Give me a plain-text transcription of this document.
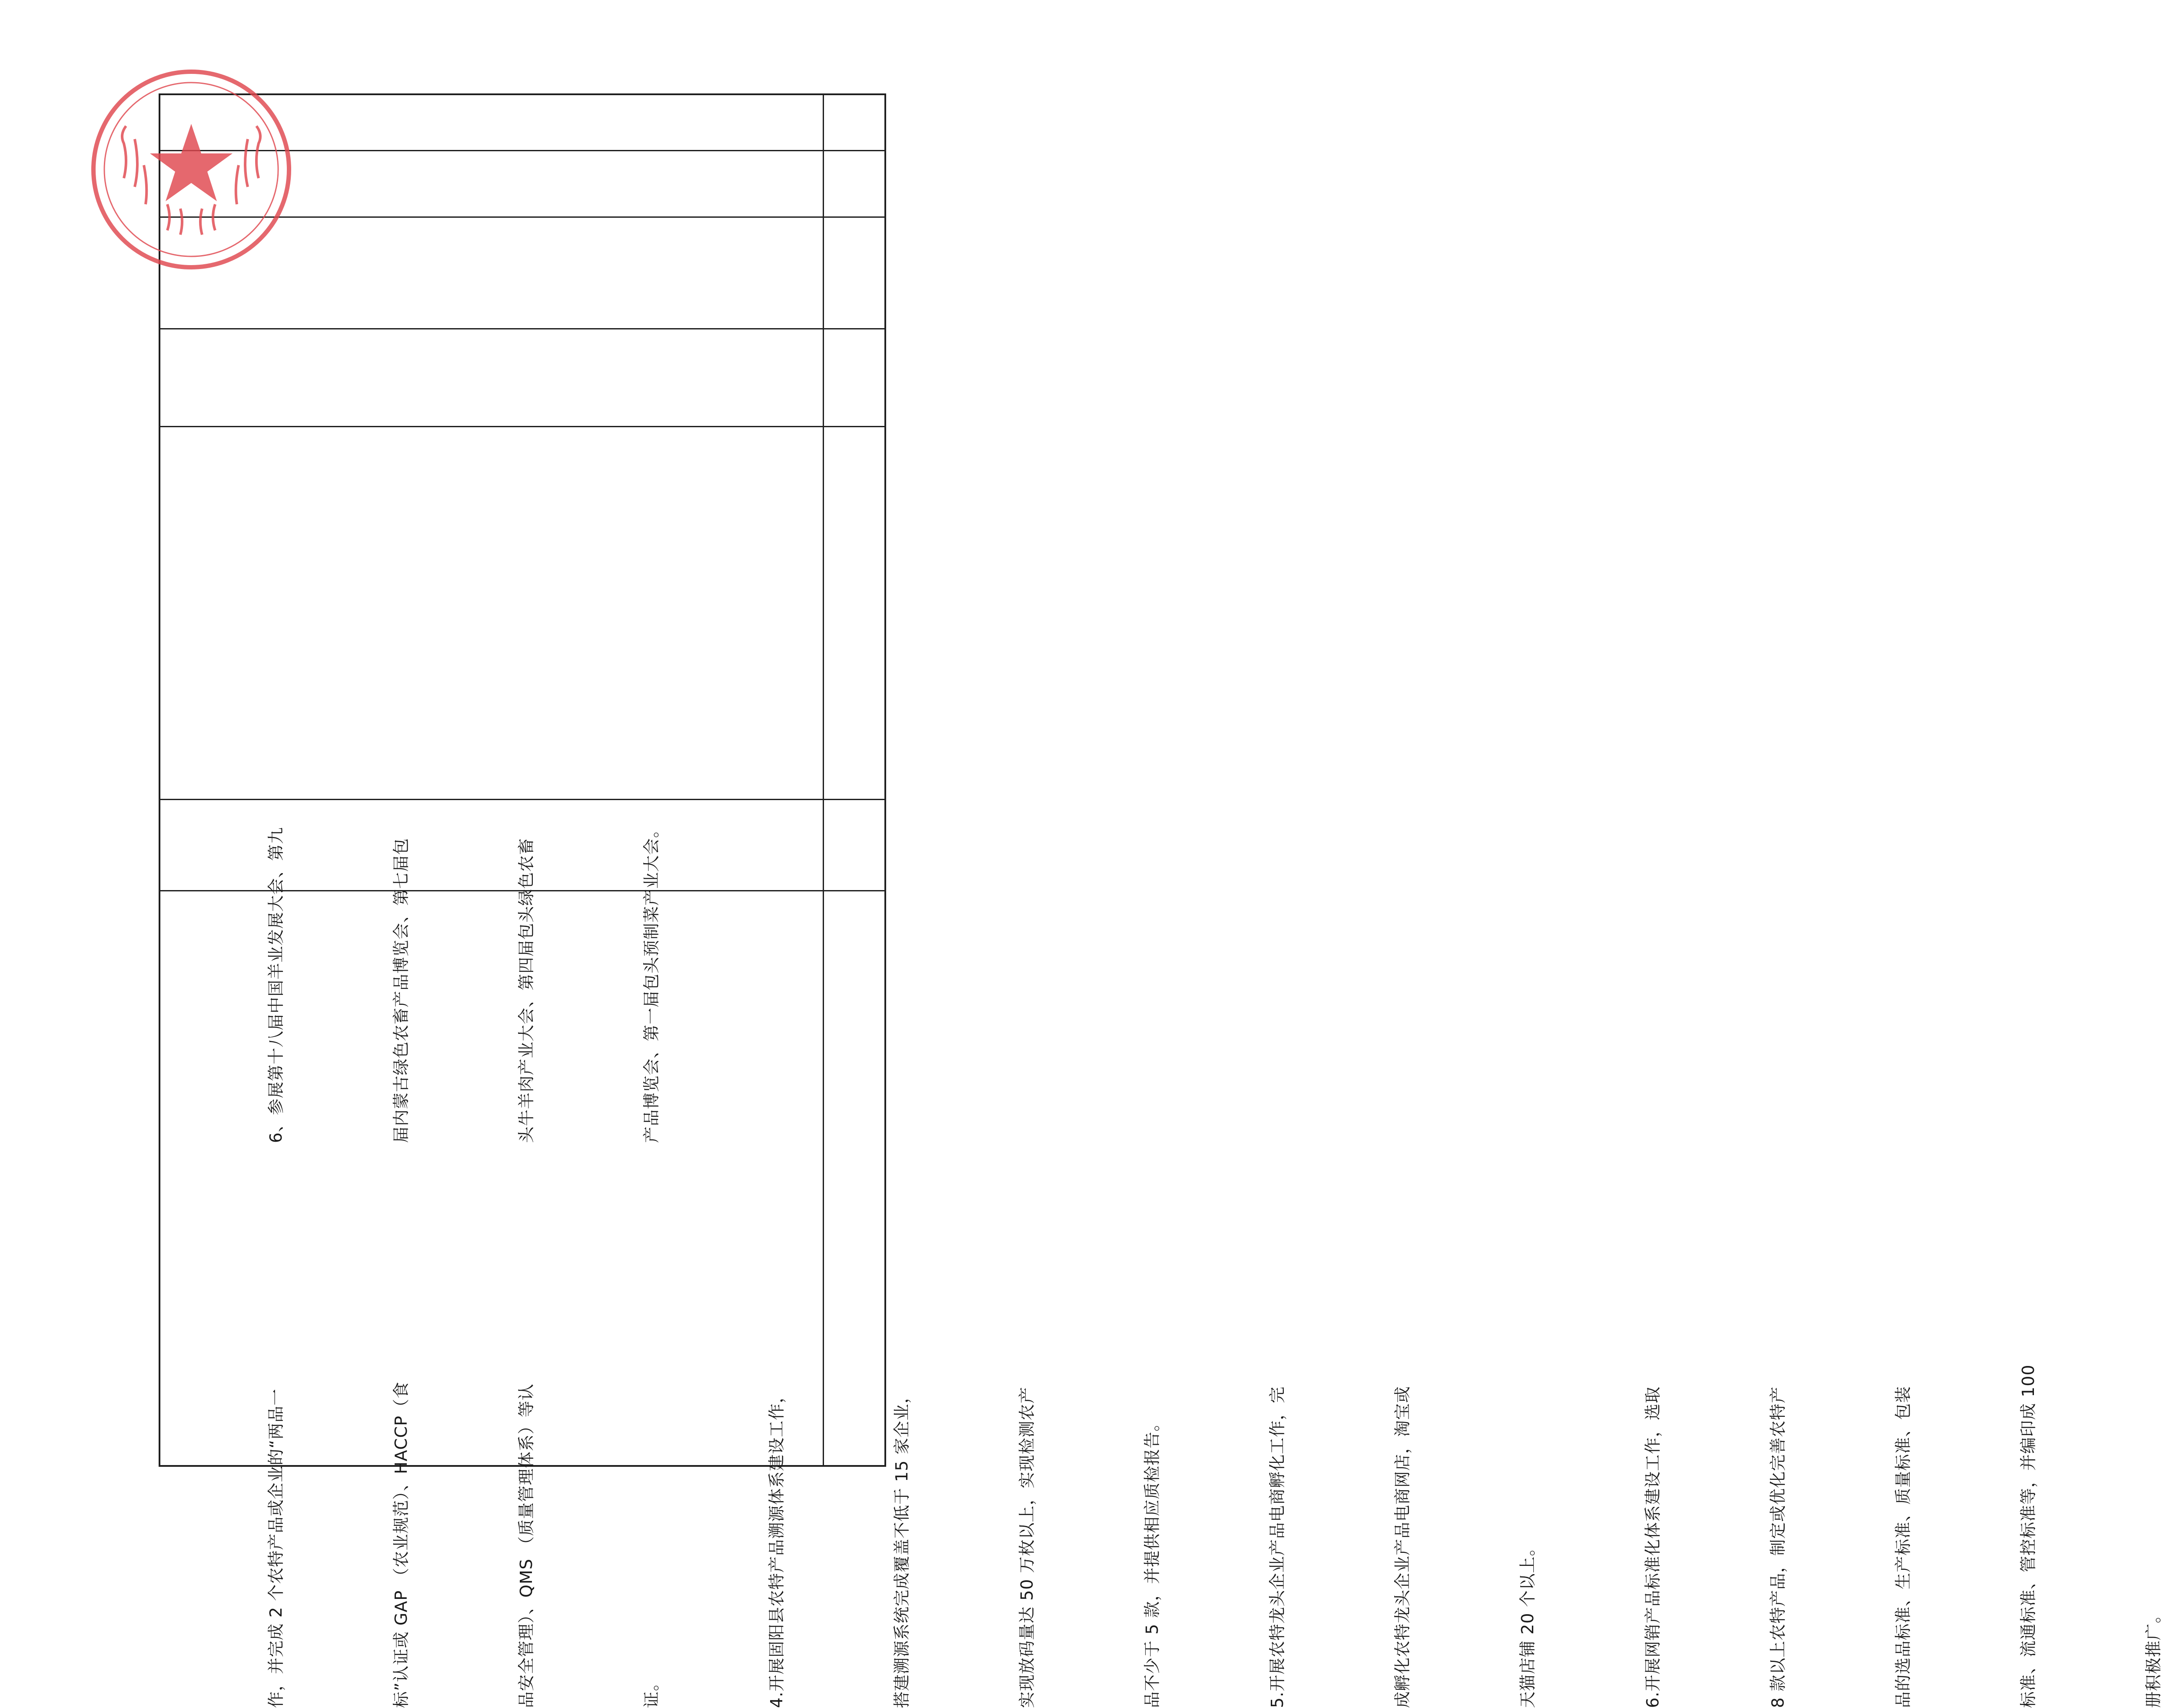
6、参展第十八届中国羊业发展大会、第九

	届内蒙古绿色农畜产品博览会、第七届包

	头牛羊肉产业大会、第四届包头绿色农畜

	产品博览会、第一届包头预制菜产业大会。

作，并完成 2 个农特产品或企业的“两品一

	标”认证或 GAP （农业规范）、HACCP（食

	品安全管理）、QMS （质量管理体系）等认

	证。

	4.开展固阳县农特产品溯源体系建设工作，

	搭建溯源系统完成覆盖不低于 15 家企业，

	实现放码量达 50 万枚以上，实现检测农产

	品不少于 5 款，并提供相应质检报告。

	5.开展农特龙头企业产品电商孵化工作，完

	成孵化农特龙头企业产品电商网店，淘宝或

	天猫店铺 20 个以上。

	6.开展网销产品标准化体系建设工作，选取

	8 款以上农特产品，制定或优化完善农特产

	品的选品标准、生产标准、质量标准、包装

	标准、流通标准、管控标准等，并编印成 100

	册积极推广。
